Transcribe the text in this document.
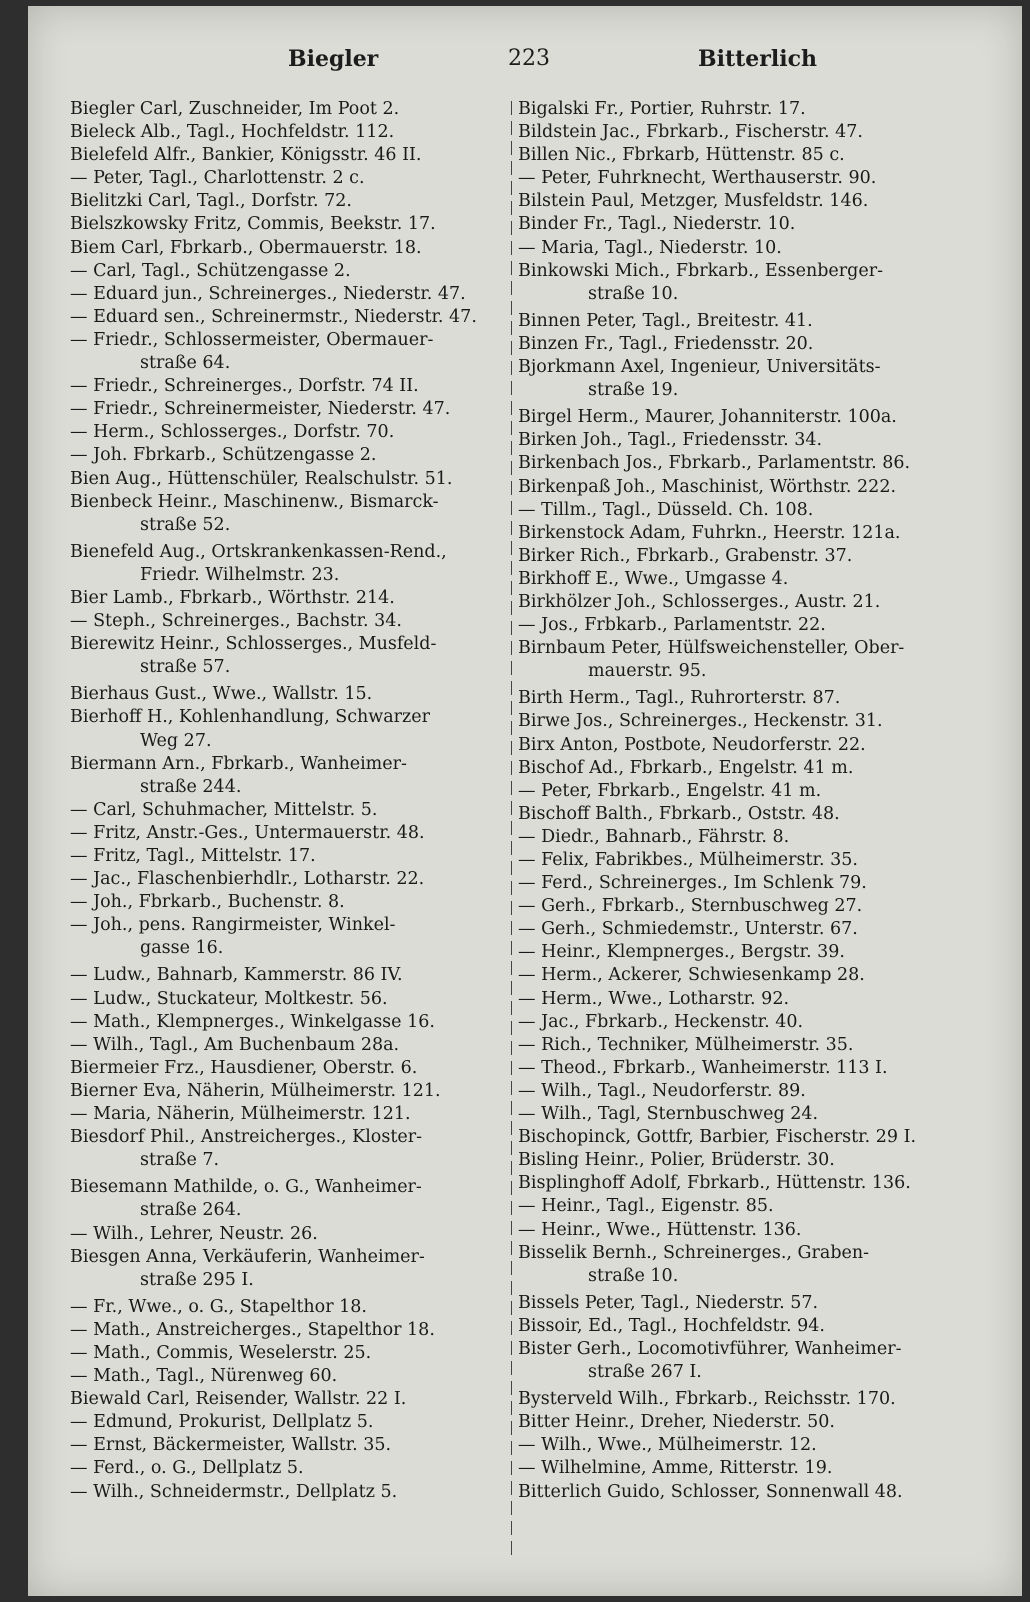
Biegler	223	Bitterlich

Biegler Carl, Zuschneider, Im Poot 2.

Bieleck Alb., Tagl., Hochfeldstr. 112.

Bielefeld Alfr., Bankier, Königsstr. 46 II.

— Peter, Tagl., Charlottenstr. 2 c.

Bielitzki Carl, Tagl., Dorfstr. 72.

Bielszkowsky Fritz, Commis, Beekstr. 17.

Biem Carl, Fbrkarb., Obermauerstr. 18.

— Carl, Tagl., Schützengasse 2.

— Eduard jun., Schreinerges., Niederstr. 47.

— Eduard sen., Schreinermstr., Niederstr. 47.

— Friedr., Schlossermeister, Obermauer-

straße 64.

— Friedr., Schreinerges., Dorfstr. 74 II.

— Friedr., Schreinermeister, Niederstr. 47.

— Herm., Schlosserges., Dorfstr. 70.

— Joh. Fbrkarb., Schützengasse 2.

Bien Aug., Hüttenschüler, Realschulstr. 51.

Bienbeck Heinr., Maschinenw., Bismarck-

straße 52.

Bienefeld Aug., Ortskrankenkassen-Rend.,

Friedr. Wilhelmstr. 23.

Bier Lamb., Fbrkarb., Wörthstr. 214.

— Steph., Schreinerges., Bachstr. 34.

Bierewitz Heinr., Schlosserges., Musfeld-

straße 57.

Bierhaus Gust., Wwe., Wallstr. 15.

Bierhoff H., Kohlenhandlung, Schwarzer

Weg 27.

Biermann Arn., Fbrkarb., Wanheimer-

straße 244.

— Carl, Schuhmacher, Mittelstr. 5.

— Fritz, Anstr.-Ges., Untermauerstr. 48.

— Fritz, Tagl., Mittelstr. 17.

— Jac., Flaschenbierhdlr., Lotharstr. 22.

— Joh., Fbrkarb., Buchenstr. 8.

— Joh., pens. Rangirmeister, Winkel-

gasse 16.

— Ludw., Bahnarb, Kammerstr. 86 IV.

— Ludw., Stuckateur, Moltkestr. 56.

— Math., Klempnerges., Winkelgasse 16.

— Wilh., Tagl., Am Buchenbaum 28a.

Biermeier Frz., Hausdiener, Oberstr. 6.

Bierner Eva, Näherin, Mülheimerstr. 121.

— Maria, Näherin, Mülheimerstr. 121.

Biesdorf Phil., Anstreicherges., Kloster-

straße 7.

Biesemann Mathilde, o. G., Wanheimer-

straße 264.

— Wilh., Lehrer, Neustr. 26.

Biesgen Anna, Verkäuferin, Wanheimer-

straße 295 I.

— Fr., Wwe., o. G., Stapelthor 18.

— Math., Anstreicherges., Stapelthor 18.

— Math., Commis, Weselerstr. 25.

— Math., Tagl., Nürenweg 60.

Biewald Carl, Reisender, Wallstr. 22 I.

— Edmund, Prokurist, Dellplatz 5.

— Ernst, Bäckermeister, Wallstr. 35.

— Ferd., o. G., Dellplatz 5.

— Wilh., Schneidermstr., Dellplatz 5.

Bigalski Fr., Portier, Ruhrstr. 17.

Bildstein Jac., Fbrkarb., Fischerstr. 47.

Billen Nic., Fbrkarb, Hüttenstr. 85 c.

— Peter, Fuhrknecht, Werthauserstr. 90.

Bilstein Paul, Metzger, Musfeldstr. 146.

Binder Fr., Tagl., Niederstr. 10.

— Maria, Tagl., Niederstr. 10.

Binkowski Mich., Fbrkarb., Essenberger-

straße 10.

Binnen Peter, Tagl., Breitestr. 41.

Binzen Fr., Tagl., Friedensstr. 20.

Bjorkmann Axel, Ingenieur, Universitäts-

straße 19.

Birgel Herm., Maurer, Johanniterstr. 100a.

Birken Joh., Tagl., Friedensstr. 34.

Birkenbach Jos., Fbrkarb., Parlamentstr. 86.

Birkenpaß Joh., Maschinist, Wörthstr. 222.

— Tillm., Tagl., Düsseld. Ch. 108.

Birkenstock Adam, Fuhrkn., Heerstr. 121a.

Birker Rich., Fbrkarb., Grabenstr. 37.

Birkhoff E., Wwe., Umgasse 4.

Birkhölzer Joh., Schlosserges., Austr. 21.

— Jos., Frbkarb., Parlamentstr. 22.

Birnbaum Peter, Hülfsweichensteller, Ober-

mauerstr. 95.

Birth Herm., Tagl., Ruhrorterstr. 87.

Birwe Jos., Schreinerges., Heckenstr. 31.

Birx Anton, Postbote, Neudorferstr. 22.

Bischof Ad., Fbrkarb., Engelstr. 41 m.

— Peter, Fbrkarb., Engelstr. 41 m.

Bischoff Balth., Fbrkarb., Oststr. 48.

— Diedr., Bahnarb., Fährstr. 8.

— Felix, Fabrikbes., Mülheimerstr. 35.

— Ferd., Schreinerges., Im Schlenk 79.

— Gerh., Fbrkarb., Sternbuschweg 27.

— Gerh., Schmiedemstr., Unterstr. 67.

— Heinr., Klempnerges., Bergstr. 39.

— Herm., Ackerer, Schwiesenkamp 28.

— Herm., Wwe., Lotharstr. 92.

— Jac., Fbrkarb., Heckenstr. 40.

— Rich., Techniker, Mülheimerstr. 35.

— Theod., Fbrkarb., Wanheimerstr. 113 I.

— Wilh., Tagl., Neudorferstr. 89.

— Wilh., Tagl, Sternbuschweg 24.

Bischopinck, Gottfr, Barbier, Fischerstr. 29 I.

Bisling Heinr., Polier, Brüderstr. 30.

Bisplinghoff Adolf, Fbrkarb., Hüttenstr. 136.

— Heinr., Tagl., Eigenstr. 85.

— Heinr., Wwe., Hüttenstr. 136.

Bisselik Bernh., Schreinerges., Graben-

straße 10.

Bissels Peter, Tagl., Niederstr. 57.

Bissoir, Ed., Tagl., Hochfeldstr. 94.

Bister Gerh., Locomotivführer, Wanheimer-

straße 267 I.

Bysterveld Wilh., Fbrkarb., Reichsstr. 170.

Bitter Heinr., Dreher, Niederstr. 50.

— Wilh., Wwe., Mülheimerstr. 12.

— Wilhelmine, Amme, Ritterstr. 19.

Bitterlich Guido, Schlosser, Sonnenwall 48.
